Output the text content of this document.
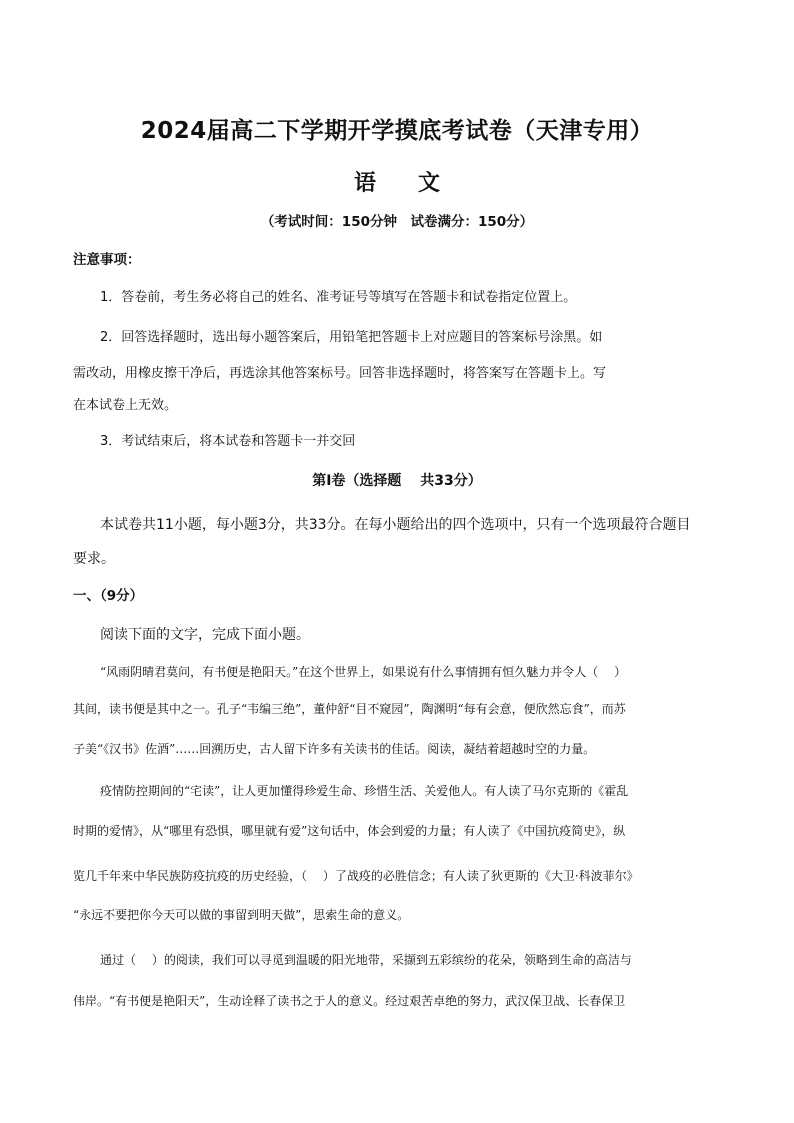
2024届高二下学期开学摸底考试卷（天津专用）
语文
（考试时间：150分钟　试卷满分：150分）
注意事项：
1．答卷前，考生务必将自己的姓名、准考证号等填写在答题卡和试卷指定位置上。
2．回答选择题时，选出每小题答案后，用铅笔把答题卡上对应题目的答案标号涂黑。如
需改动，用橡皮擦干净后，再选涂其他答案标号。回答非选择题时，将答案写在答题卡上。写
在本试卷上无效。
3．考试结束后，将本试卷和答题卡一并交回
第Ⅰ卷（选择题　 共33分）
本试卷共11小题，每小题3分，共33分。在每小题给出的四个选项中，只有一个选项最符合题目
要求。
一、（9分）
阅读下面的文字，完成下面小题。
“风雨阴晴君莫问，有书便是艳阳天。”在这个世界上，如果说有什么事情拥有恒久魅力并令人（　 ）
其间，读书便是其中之一。孔子“韦编三绝”，董仲舒“目不窥园”，陶渊明“每有会意，便欣然忘食”，而苏
子美“《汉书》佐酒”……回溯历史，古人留下许多有关读书的佳话。阅读，凝结着超越时空的力量。
疫情防控期间的“宅读”，让人更加懂得珍爱生命、珍惜生活、关爱他人。有人读了马尔克斯的《霍乱
时期的爱情》，从“哪里有恐惧，哪里就有爱”这句话中，体会到爱的力量；有人读了《中国抗疫简史》，纵
览几千年来中华民族防疫抗疫的历史经验，（　 ）了战疫的必胜信念；有人读了狄更斯的《大卫·科波菲尔》
“永远不要把你今天可以做的事留到明天做”，思索生命的意义。
通过（　 ）的阅读，我们可以寻觅到温暖的阳光地带，采撷到五彩缤纷的花朵，领略到生命的高洁与
伟岸。“有书便是艳阳天”，生动诠释了读书之于人的意义。经过艰苦卓绝的努力，武汉保卫战、长春保卫
